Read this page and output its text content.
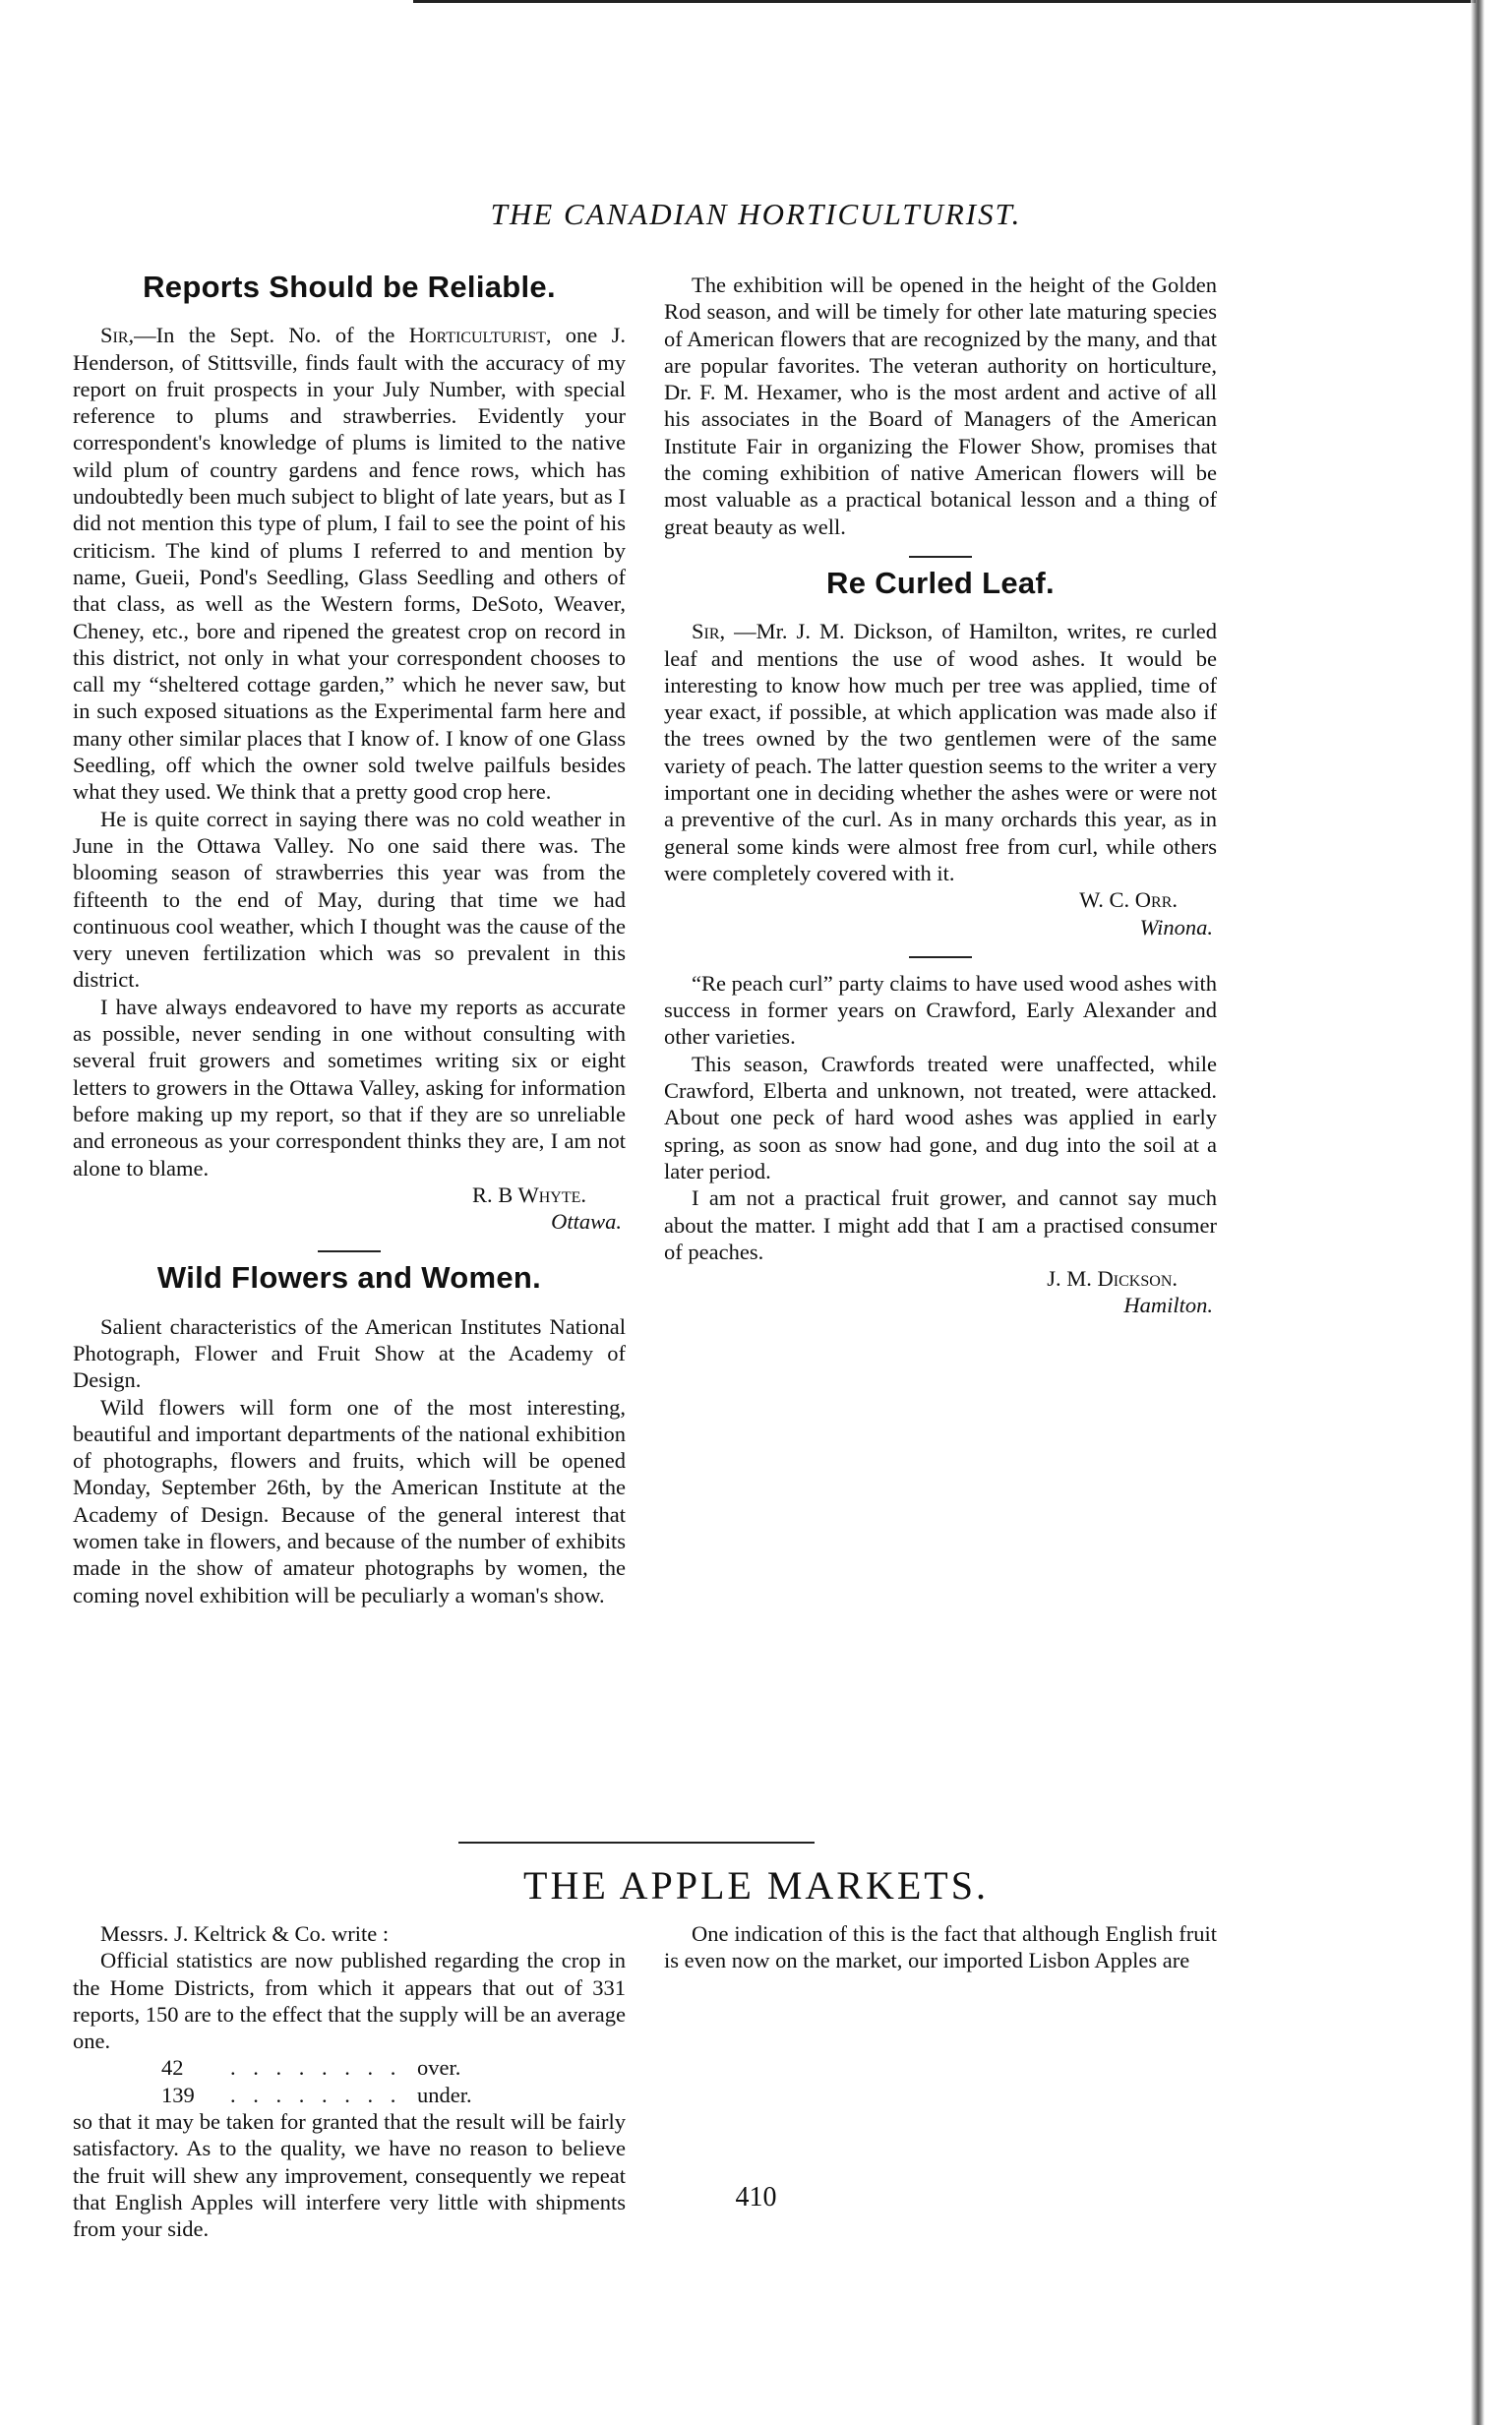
THE CANADIAN HORTICULTURIST.
Reports Should be Reliable.

Sir,—In the Sept. No. of the Horticulturist, one J. Henderson, of Stittsville, finds fault with the accuracy of my report on fruit prospects in your July Number, with special reference to plums and strawberries. Evidently your correspondent's knowledge of plums is limited to the native wild plum of country gardens and fence rows, which has undoubtedly been much subject to blight of late years, but as I did not mention this type of plum, I fail to see the point of his criticism. The kind of plums I referred to and mention by name, Gueii, Pond's Seedling, Glass Seedling and others of that class, as well as the Western forms, DeSoto, Weaver, Cheney, etc., bore and ripened the greatest crop on record in this district, not only in what your correspondent chooses to call my “sheltered cottage garden,” which he never saw, but in such exposed situations as the Experimental farm here and many other similar places that I know of. I know of one Glass Seedling, off which the owner sold twelve pailfuls besides what they used. We think that a pretty good crop here.

He is quite correct in saying there was no cold weather in June in the Ottawa Valley. No one said there was. The blooming season of strawberries this year was from the fifteenth to the end of May, during that time we had continuous cool weather, which I thought was the cause of the very uneven fertilization which was so prevalent in this district.

I have always endeavored to have my reports as accurate as possible, never sending in one without consulting with several fruit growers and sometimes writing six or eight letters to growers in the Ottawa Valley, asking for information before making up my report, so that if they are so unreliable and erroneous as your correspondent thinks they are, I am not alone to blame.

R. B Whyte.
Ottawa.
Wild Flowers and Women.

Salient characteristics of the American Institutes National Photograph, Flower and Fruit Show at the Academy of Design.

Wild flowers will form one of the most interesting, beautiful and important departments of the national exhibition of photographs, flowers and fruits, which will be opened Monday, September 26th, by the American Institute at the Academy of Design. Because of the general interest that women take in flowers, and because of the number of exhibits made in the show of amateur photographs by women, the coming novel exhibition will be peculiarly a woman's show.

The exhibition will be opened in the height of the Golden Rod season, and will be timely for other late maturing species of American flowers that are recognized by the many, and that are popular favorites. The veteran authority on horticulture, Dr. F. M. Hexamer, who is the most ardent and active of all his associates in the Board of Managers of the American Institute Fair in organizing the Flower Show, promises that the coming exhibition of native American flowers will be most valuable as a practical botanical lesson and a thing of great beauty as well.

Re Curled Leaf.

Sir, —Mr. J. M. Dickson, of Hamilton, writes, re curled leaf and mentions the use of wood ashes. It would be interesting to know how much per tree was applied, time of year exact, if possible, at which application was made also if the trees owned by the two gentlemen were of the same variety of peach. The latter question seems to the writer a very important one in deciding whether the ashes were or were not a preventive of the curl. As in many orchards this year, as in general some kinds were almost free from curl, while others were completely covered with it.

W. C. Orr.
Winona.

“Re peach curl” party claims to have used wood ashes with success in former years on Crawford, Early Alexander and other varieties.

This season, Crawfords treated were unaffected, while Crawford, Elberta and unknown, not treated, were attacked. About one peck of hard wood ashes was applied in early spring, as soon as snow had gone, and dug into the soil at a later period.

I am not a practical fruit grower, and cannot say much about the matter. I might add that I am a practised consumer of peaches.

J. M. Dickson.
Hamilton.
THE APPLE MARKETS.

Messrs. J. Keltrick & Co. write :

Official statistics are now published regarding the crop in the Home Districts, from which it appears that out of 331 reports, 150 are to the effect that the supply will be an average one.

42	. . . . . . . . over.
139	. . . . . . . . under.

so that it may be taken for granted that the result will be fairly satisfactory. As to the quality, we have no reason to believe the fruit will shew any improvement, consequently we repeat that English Apples will interfere very little with shipments from your side.

One indication of this is the fact that although English fruit is even now on the market, our imported Lisbon Apples are

410
